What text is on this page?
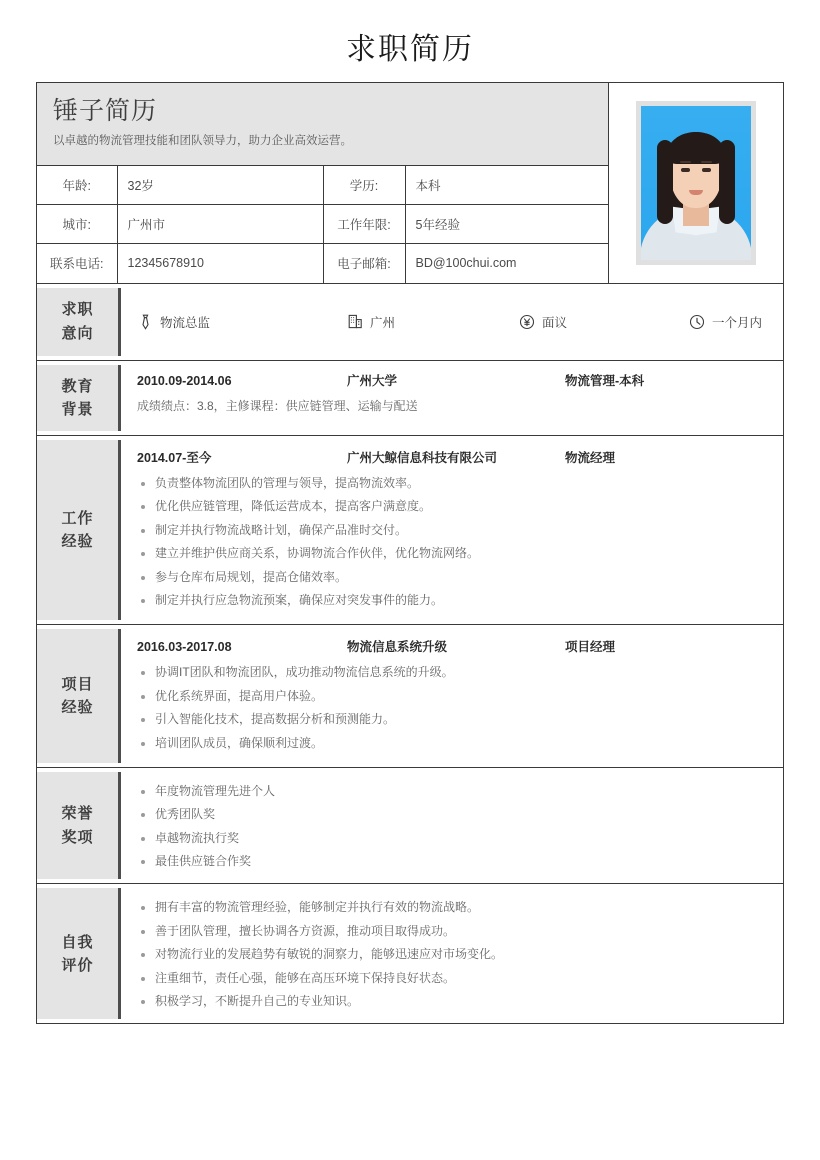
求职简历
锤子简历
以卓越的物流管理技能和团队领导力，助力企业高效运营。
年龄:	32岁	学历:	本科
城市:	广州市	工作年限:	5年经验
联系电话:	12345678910	电子邮箱:	BD@100chui.com
求职
意向
物流总监	广州	面议	一个月内
教育
背景
2010.09-2014.06	广州大学	物流管理-本科

成绩绩点：3.8，主修课程：供应链管理、运输与配送

工作
经验
2014.07-至今	广州大鲸信息科技有限公司	物流经理
负责整体物流团队的管理与领导，提高物流效率。
优化供应链管理，降低运营成本，提高客户满意度。
制定并执行物流战略计划，确保产品准时交付。
建立并维护供应商关系，协调物流合作伙伴，优化物流网络。
参与仓库布局规划，提高仓储效率。
制定并执行应急物流预案，确保应对突发事件的能力。
项目
经验
2016.03-2017.08	物流信息系统升级	项目经理
协调IT团队和物流团队，成功推动物流信息系统的升级。
优化系统界面，提高用户体验。
引入智能化技术，提高数据分析和预测能力。
培训团队成员，确保顺利过渡。
荣誉
奖项
年度物流管理先进个人
优秀团队奖
卓越物流执行奖
最佳供应链合作奖
自我
评价
拥有丰富的物流管理经验，能够制定并执行有效的物流战略。
善于团队管理，擅长协调各方资源，推动项目取得成功。
对物流行业的发展趋势有敏锐的洞察力，能够迅速应对市场变化。
注重细节，责任心强，能够在高压环境下保持良好状态。
积极学习，不断提升自己的专业知识。
